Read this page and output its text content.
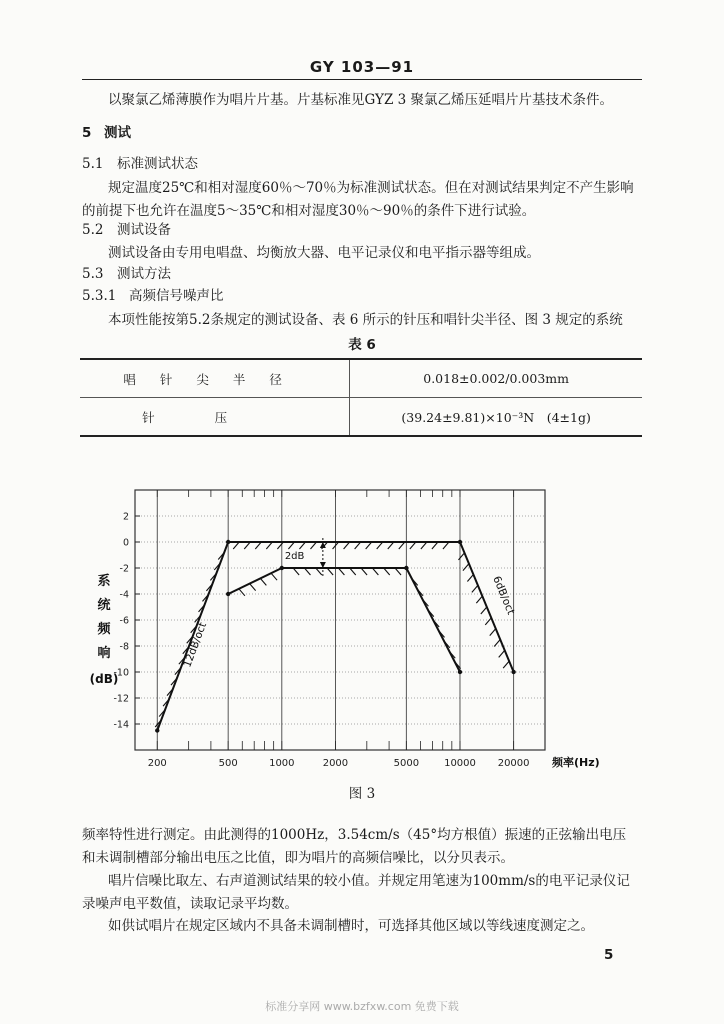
GY 103—91
以聚氯乙烯薄膜作为唱片片基。片基标准见GYZ 3 聚氯乙烯压延唱片片基技术条件。
5 测试
5.1 标准测试状态
规定温度25℃和相对湿度60％～70％为标准测试状态。但在对测试结果判定不产生影响
的前提下也允许在温度5～35℃和相对湿度30％～90％的条件下进行试验。
5.2 测试设备
测试设备由专用电唱盘、均衡放大器、电平记录仪和电平指示器等组成。
5.3 测试方法
5.3.1 高频信号噪声比
本项性能按第5.2条规定的测试设备、表 6 所示的针压和唱针尖半径、图 3 规定的系统
表 6
唱针尖半径	0.018±0.002/0.003mm
针压	(39.24±9.81)×10⁻³N　(4±1g)
2
0
-2
-4
-6
-8
-10
-12
-14
200	500	1000	2000	5000	10000 20000
2dB
12dB/oct
6dB/oct
系
统
频
响
(dB)
频率(Hz)
图 3
频率特性进行测定。由此测得的1000Hz，3.54cm/s（45°均方根值）振速的正弦输出电压
和未调制槽部分输出电压之比值，即为唱片的高频信噪比，以分贝表示。
唱片信噪比取左、右声道测试结果的较小值。并规定用笔速为100mm/s的电平记录仪记
录噪声电平数值，读取记录平均数。
如供试唱片在规定区域内不具备未调制槽时，可选择其他区域以等线速度测定之。
5
标准分享网 www.bzfxw.com 免费下载
